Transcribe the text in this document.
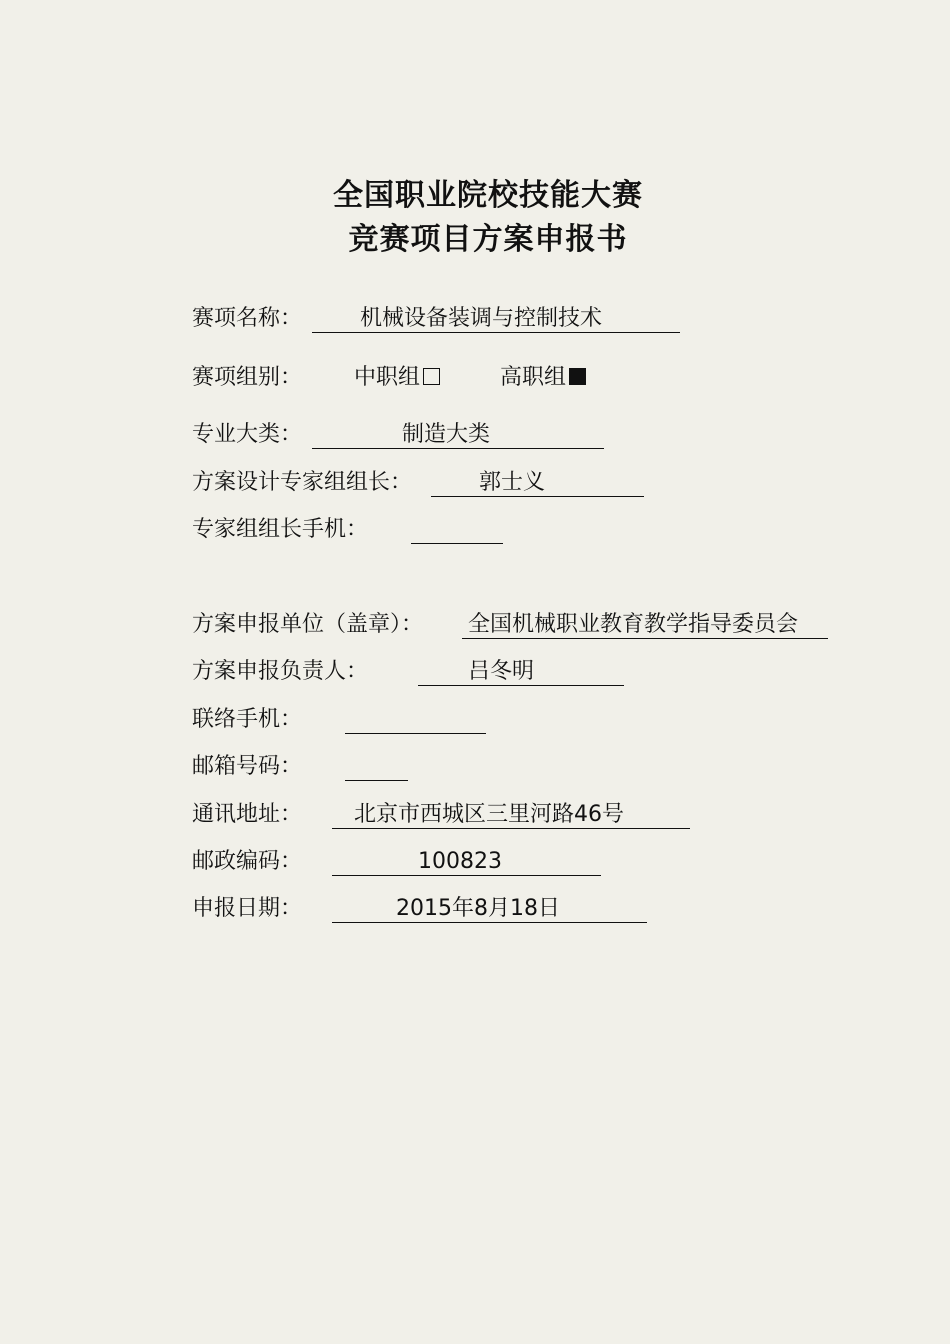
全国职业院校技能大赛
竞赛项目方案申报书
赛项名称：	机械设备装调与控制技术
赛项组别： 中职组	高职组
专业大类：	制造大类
方案设计专家组组长：	郭士义
专家组组长手机：
方案申报单位（盖章）： 全国机械职业教育教学指导委员会
方案申报负责人：	吕冬明
联络手机：
邮箱号码：
通讯地址： 北京市西城区三里河路46号
邮政编码：	100823
申报日期：	2015年8月18日
